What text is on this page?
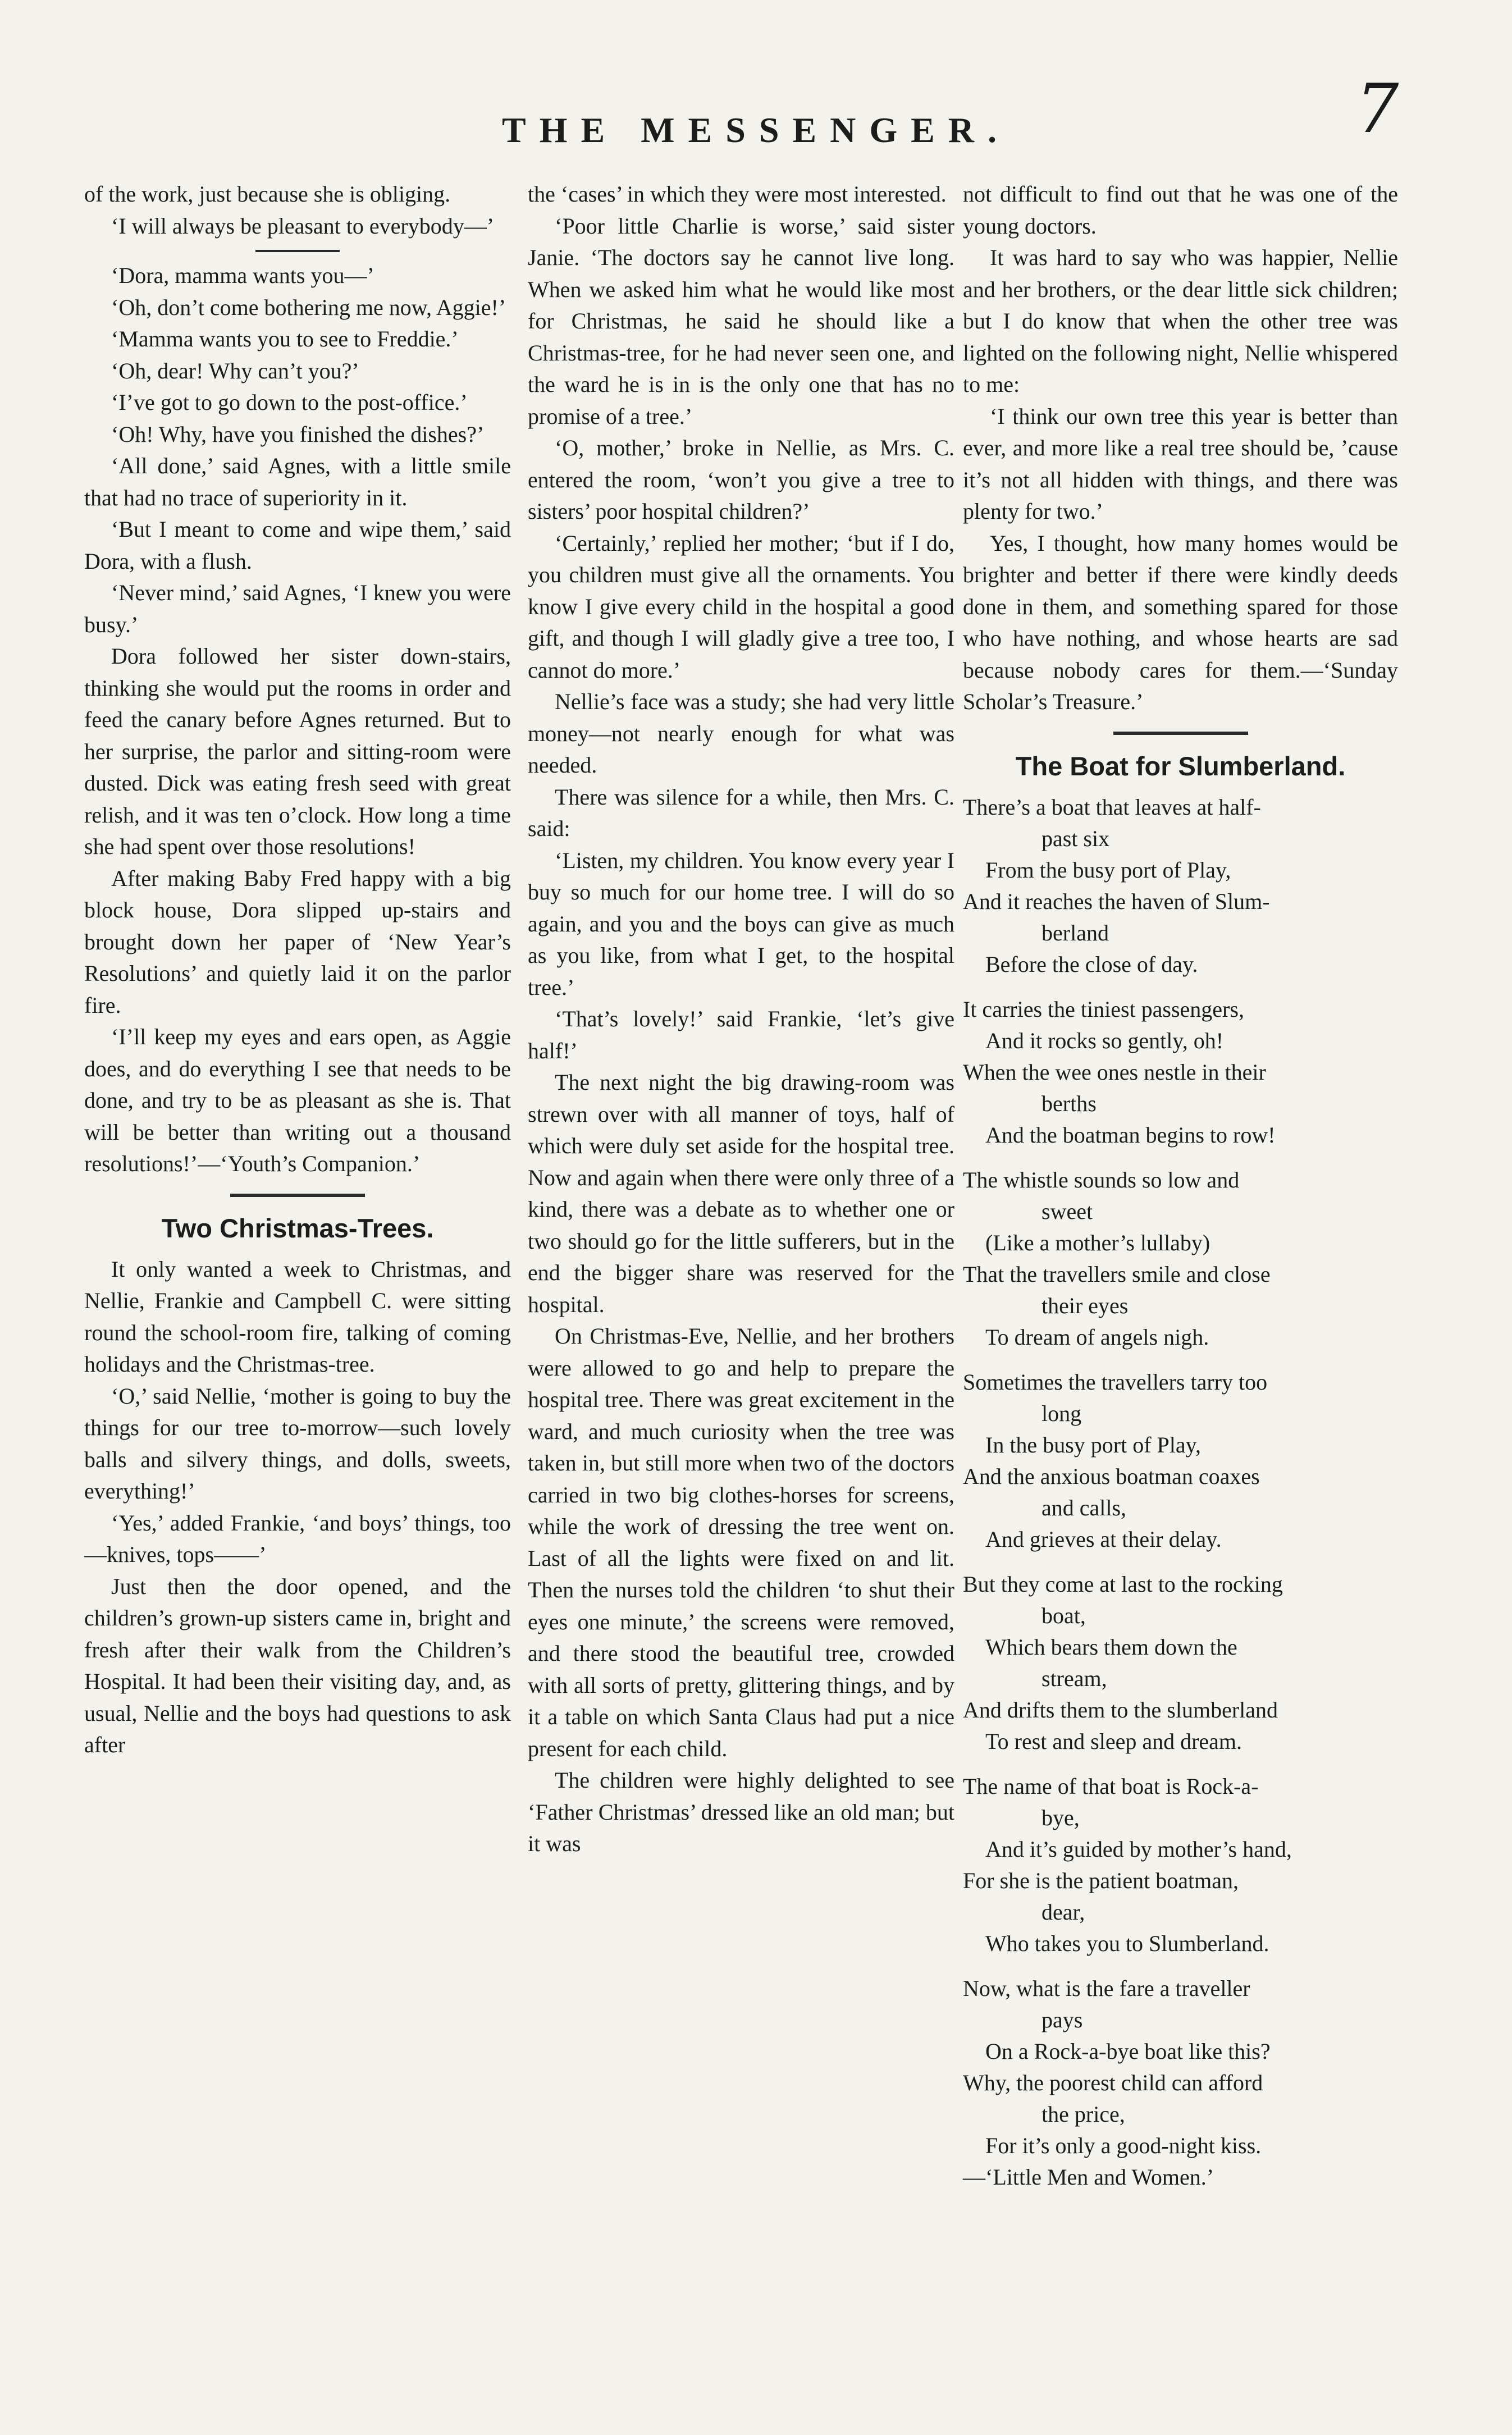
THE MESSENGER.	7

of the work, just because she is obliging.

‘I will always be pleasant to everybody—’

‘Dora, mamma wants you—’

‘Oh, don’t come bothering me now, Aggie!’

‘Mamma wants you to see to Freddie.’

‘Oh, dear! Why can’t you?’

‘I’ve got to go down to the post-office.’

‘Oh! Why, have you finished the dishes?’

‘All done,’ said Agnes, with a little smile that had no trace of superiority in it.

‘But I meant to come and wipe them,’ said Dora, with a flush.

‘Never mind,’ said Agnes, ‘I knew you were busy.’

Dora followed her sister down-stairs, thinking she would put the rooms in order and feed the canary before Agnes returned. But to her surprise, the parlor and sitting-room were dusted. Dick was eating fresh seed with great relish, and it was ten o’clock. How long a time she had spent over those resolutions!

After making Baby Fred happy with a big block house, Dora slipped up-stairs and brought down her paper of ‘New Year’s Resolutions’ and quietly laid it on the parlor fire.

‘I’ll keep my eyes and ears open, as Aggie does, and do everything I see that needs to be done, and try to be as pleasant as she is. That will be better than writing out a thousand resolutions!’—‘Youth’s Companion.’

Two Christmas-Trees.

It only wanted a week to Christmas, and Nellie, Frankie and Campbell C. were sitting round the school-room fire, talking of coming holidays and the Christmas-tree.

‘O,’ said Nellie, ‘mother is going to buy the things for our tree to-morrow—such lovely balls and silvery things, and dolls, sweets, everything!’

‘Yes,’ added Frankie, ‘and boys’ things, too—knives, tops——’

Just then the door opened, and the children’s grown-up sisters came in, bright and fresh after their walk from the Children’s Hospital. It had been their visiting day, and, as usual, Nellie and the boys had questions to ask after

the ‘cases’ in which they were most interested.

‘Poor little Charlie is worse,’ said sister Janie. ‘The doctors say he cannot live long. When we asked him what he would like most for Christmas, he said he should like a Christmas-tree, for he had never seen one, and the ward he is in is the only one that has no promise of a tree.’

‘O, mother,’ broke in Nellie, as Mrs. C. entered the room, ‘won’t you give a tree to sisters’ poor hospital children?’

‘Certainly,’ replied her mother; ‘but if I do, you children must give all the ornaments. You know I give every child in the hospital a good gift, and though I will gladly give a tree too, I cannot do more.’

Nellie’s face was a study; she had very little money—not nearly enough for what was needed.

There was silence for a while, then Mrs. C. said:

‘Listen, my children. You know every year I buy so much for our home tree. I will do so again, and you and the boys can give as much as you like, from what I get, to the hospital tree.’

‘That’s lovely!’ said Frankie, ‘let’s give half!’

The next night the big drawing-room was strewn over with all manner of toys, half of which were duly set aside for the hospital tree. Now and again when there were only three of a kind, there was a debate as to whether one or two should go for the little sufferers, but in the end the bigger share was reserved for the hospital.

On Christmas-Eve, Nellie, and her brothers were allowed to go and help to prepare the hospital tree. There was great excitement in the ward, and much curiosity when the tree was taken in, but still more when two of the doctors carried in two big clothes-horses for screens, while the work of dressing the tree went on. Last of all the lights were fixed on and lit. Then the nurses told the children ‘to shut their eyes one minute,’ the screens were removed, and there stood the beautiful tree, crowded with all sorts of pretty, glittering things, and by it a table on which Santa Claus had put a nice present for each child.

The children were highly delighted to see ‘Father Christmas’ dressed like an old man; but it was

not difficult to find out that he was one of the young doctors.

It was hard to say who was happier, Nellie and her brothers, or the dear little sick children; but I do know that when the other tree was lighted on the following night, Nellie whispered to me:

‘I think our own tree this year is better than ever, and more like a real tree should be, ’cause it’s not all hidden with things, and there was plenty for two.’

Yes, I thought, how many homes would be brighter and better if there were kindly deeds done in them, and something spared for those who have nothing, and whose hearts are sad because nobody cares for them.—‘Sunday Scholar’s Treasure.’

The Boat for Slumberland.
There’s a boat that leaves at half-
past six
From the busy port of Play,
And it reaches the haven of Slum-
berland
Before the close of day.
It carries the tiniest passengers,
And it rocks so gently, oh!
When the wee ones nestle in their
berths
And the boatman begins to row!
The whistle sounds so low and
sweet
(Like a mother’s lullaby)
That the travellers smile and close
their eyes
To dream of angels nigh.
Sometimes the travellers tarry too
long
In the busy port of Play,
And the anxious boatman coaxes
and calls,
And grieves at their delay.
But they come at last to the rocking
boat,
Which bears them down the
stream,
And drifts them to the slumberland
To rest and sleep and dream.
The name of that boat is Rock-a-
bye,
And it’s guided by mother’s hand,
For she is the patient boatman,
dear,
Who takes you to Slumberland.
Now, what is the fare a traveller
pays
On a Rock-a-bye boat like this?
Why, the poorest child can afford
the price,
For it’s only a good-night kiss.
—‘Little Men and Women.’
